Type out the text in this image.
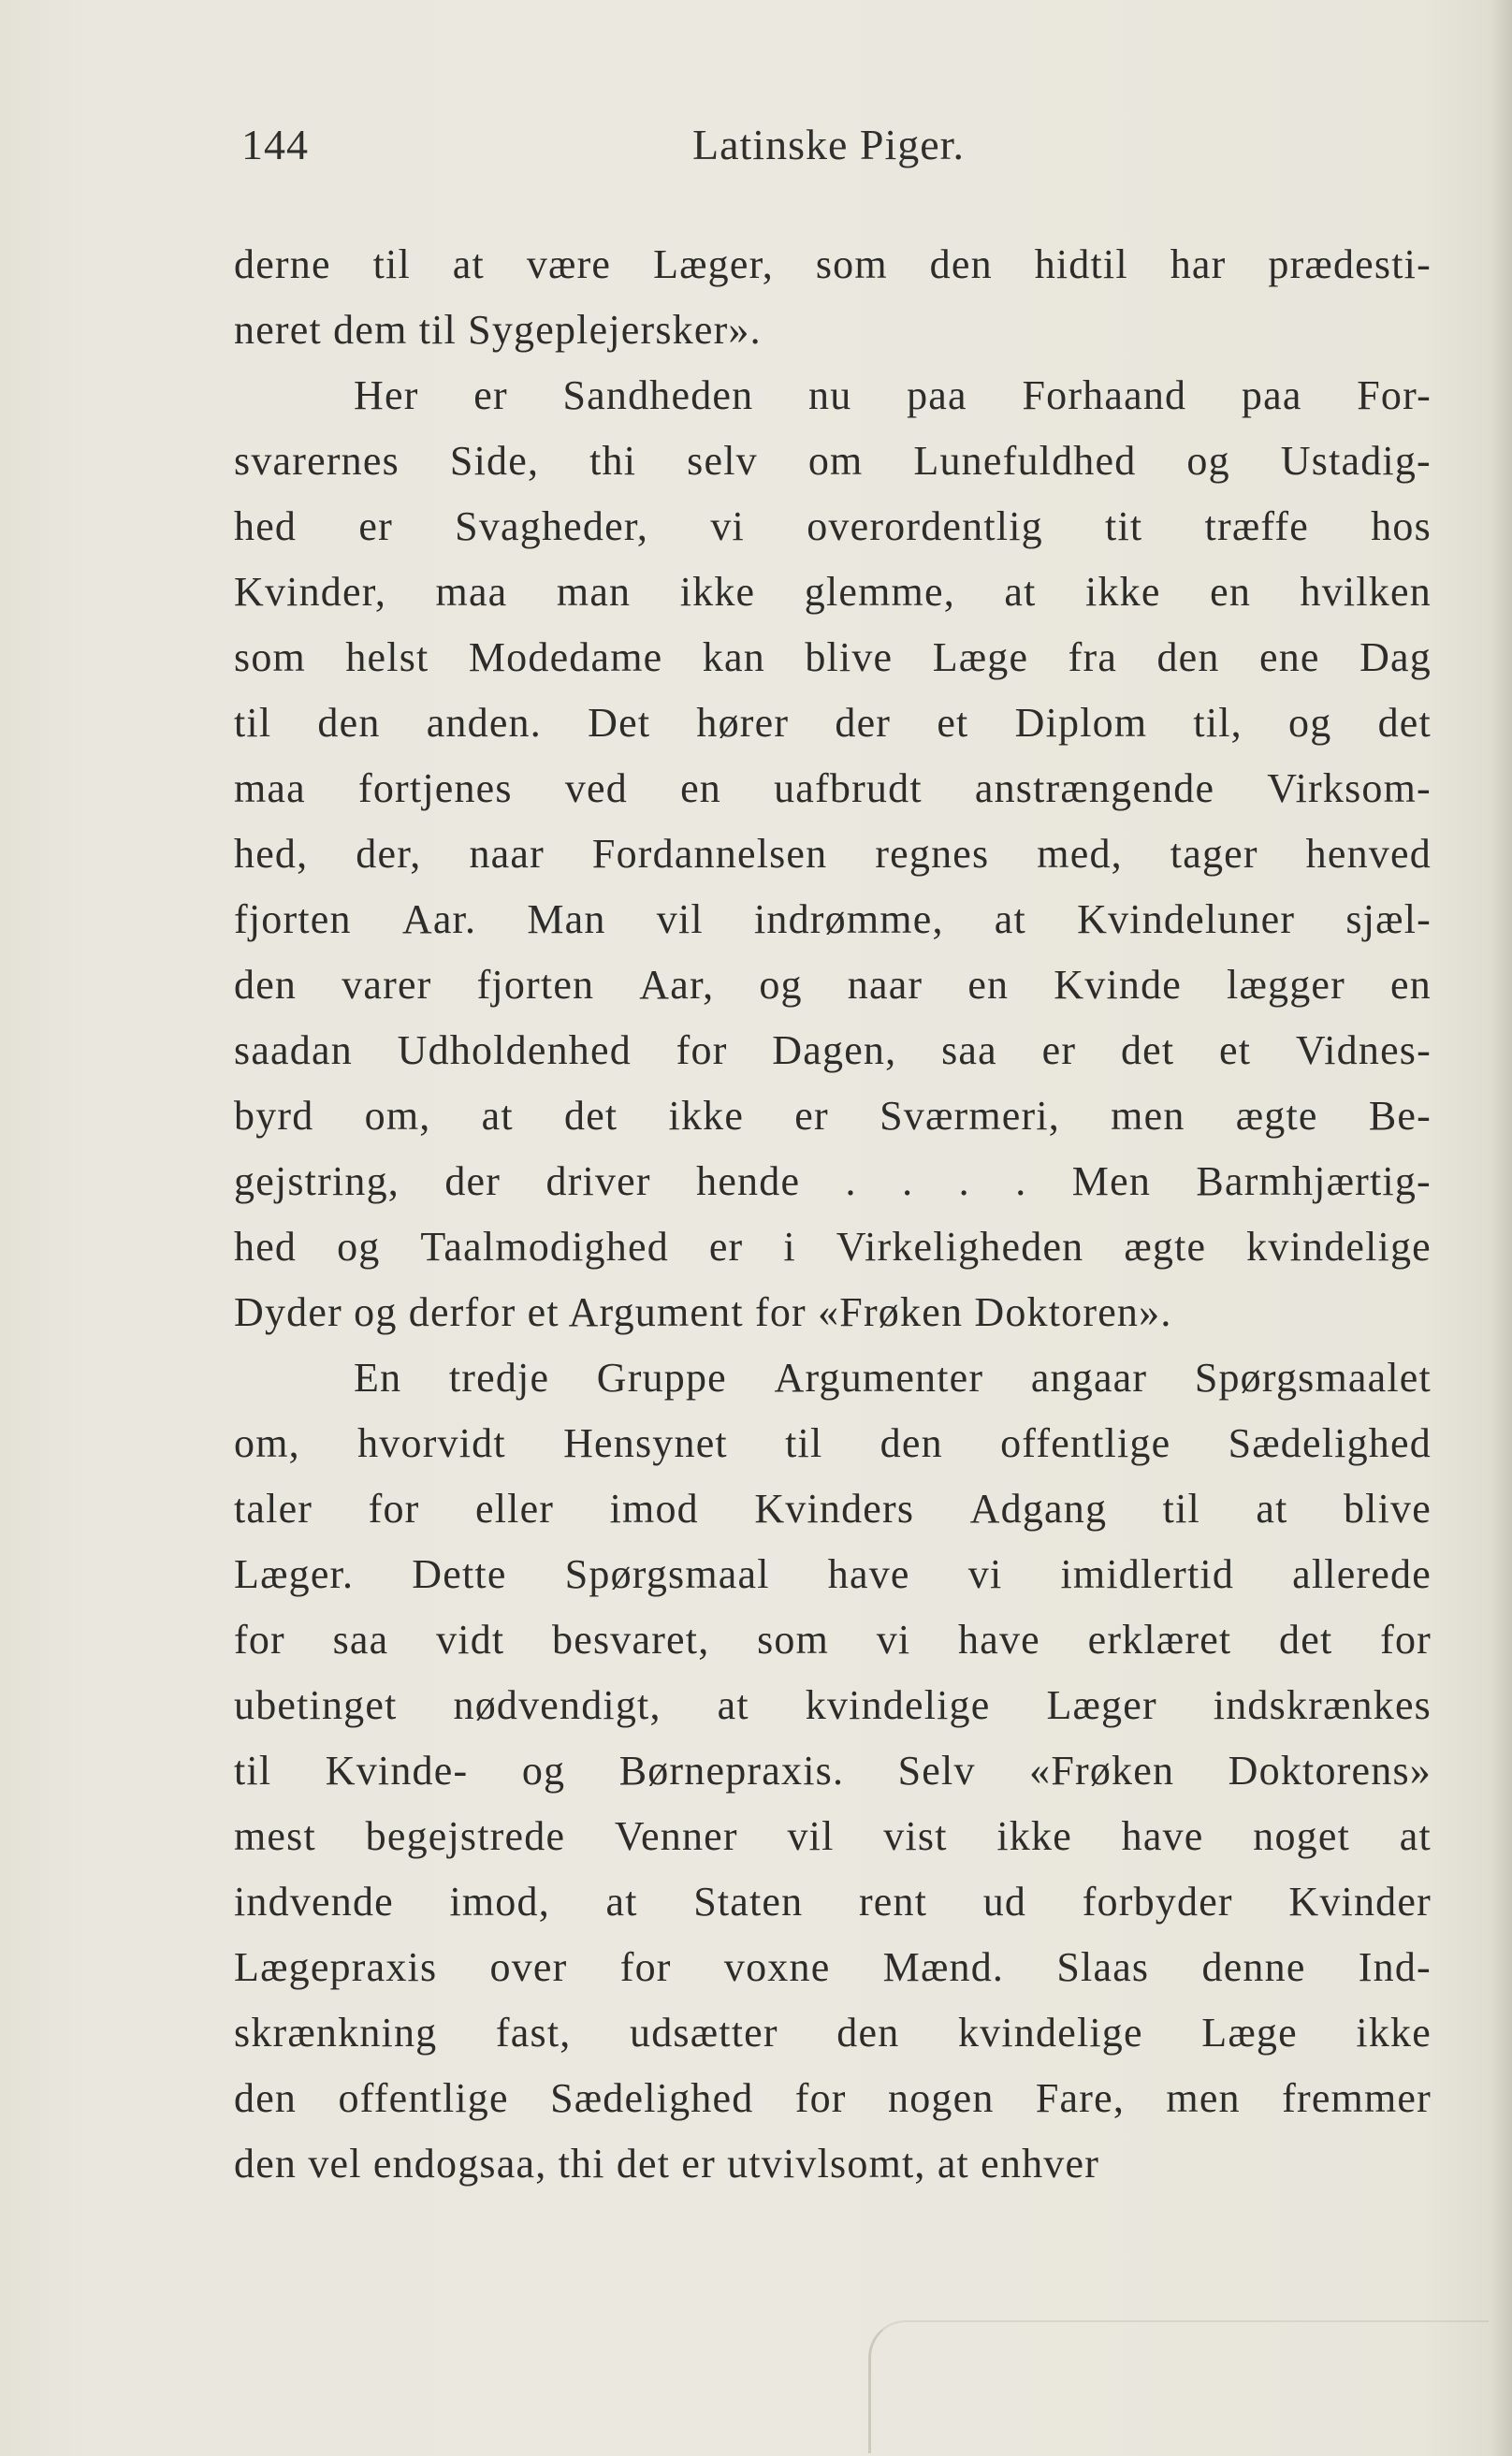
144	Latinske Piger.
derne til at være Læger, som den hidtil har prædesti-
neret dem til Sygeplejersker».
Her er Sandheden nu paa Forhaand paa For-
svarernes Side, thi selv om Lunefuldhed og Ustadig-
hed er Svagheder, vi overordentlig tit træffe hos
Kvinder, maa man ikke glemme, at ikke en hvilken
som helst Modedame kan blive Læge fra den ene Dag
til den anden. Det hører der et Diplom til, og det
maa fortjenes ved en uafbrudt anstrængende Virksom-
hed, der, naar Fordannelsen regnes med, tager henved
fjorten Aar. Man vil indrømme, at Kvindeluner sjæl-
den varer fjorten Aar, og naar en Kvinde lægger en
saadan Udholdenhed for Dagen, saa er det et Vidnes-
byrd om, at det ikke er Sværmeri, men ægte Be-
gejstring, der driver hende . . . . Men Barmhjærtig-
hed og Taalmodighed er i Virkeligheden ægte kvindelige
Dyder og derfor et Argument for «Frøken Doktoren».
En tredje Gruppe Argumenter angaar Spørgsmaalet
om, hvorvidt Hensynet til den offentlige Sædelighed
taler for eller imod Kvinders Adgang til at blive
Læger. Dette Spørgsmaal have vi imidlertid allerede
for saa vidt besvaret, som vi have erklæret det for
ubetinget nødvendigt, at kvindelige Læger indskrænkes
til Kvinde- og Børnepraxis. Selv «Frøken Doktorens»
mest begejstrede Venner vil vist ikke have noget at
indvende imod, at Staten rent ud forbyder Kvinder
Lægepraxis over for voxne Mænd. Slaas denne Ind-
skrænkning fast, udsætter den kvindelige Læge ikke
den offentlige Sædelighed for nogen Fare, men fremmer
den vel endogsaa, thi det er utvivlsomt, at enhver
